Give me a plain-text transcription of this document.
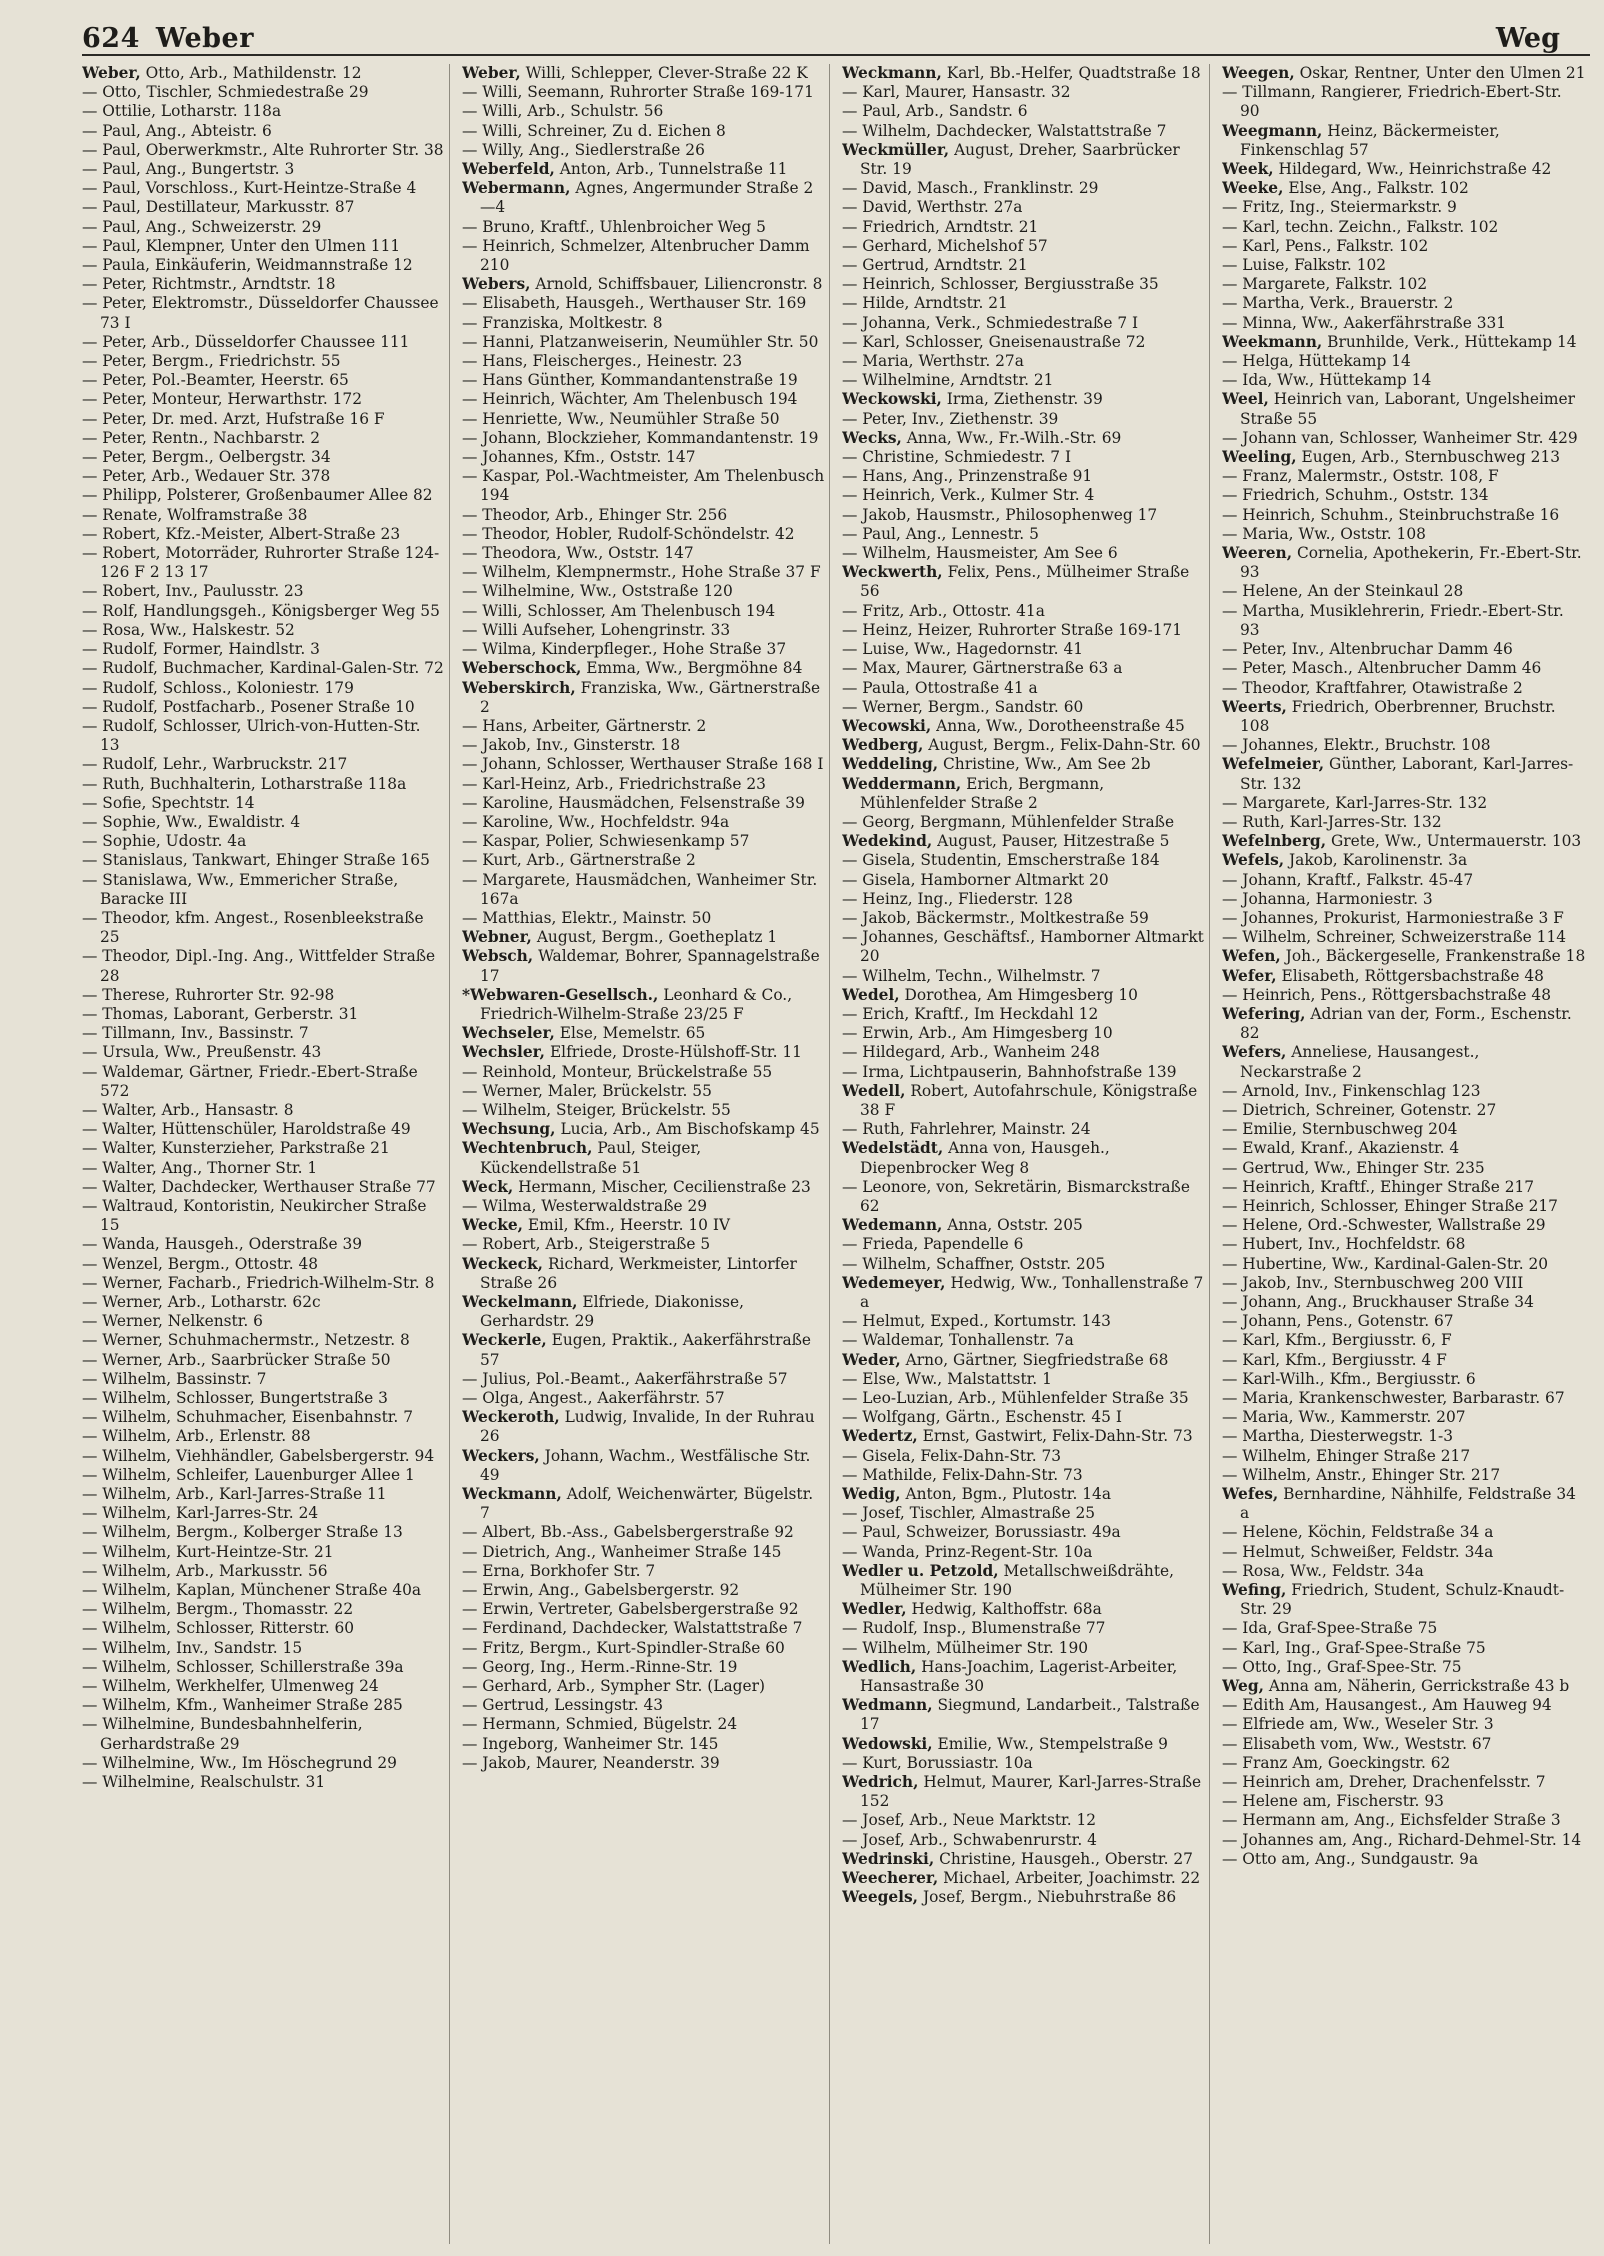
624 Weber	Weg
Weber, Otto, Arb., Mathildenstr. 12
— Otto, Tischler, Schmiedestraße 29
— Ottilie, Lotharstr. 118a
— Paul, Ang., Abteistr. 6
— Paul, Oberwerkmstr., Alte Ruhrorter Str. 38
— Paul, Ang., Bungertstr. 3
— Paul, Vorschloss., Kurt-Heintze-Straße 4
— Paul, Destillateur, Markusstr. 87
— Paul, Ang., Schweizerstr. 29
— Paul, Klempner, Unter den Ulmen 111
— Paula, Einkäuferin, Weidmannstraße 12
— Peter, Richtmstr., Arndtstr. 18
— Peter, Elektromstr., Düsseldorfer Chaussee 73 I
— Peter, Arb., Düsseldorfer Chaussee 111
— Peter, Bergm., Friedrichstr. 55
— Peter, Pol.-Beamter, Heerstr. 65
— Peter, Monteur, Herwarthstr. 172
— Peter, Dr. med. Arzt, Hufstraße 16 F
— Peter, Rentn., Nachbarstr. 2
— Peter, Bergm., Oelbergstr. 34
— Peter, Arb., Wedauer Str. 378
— Philipp, Polsterer, Großenbaumer Allee 82
— Renate, Wolframstraße 38
— Robert, Kfz.-Meister, Albert-Straße 23
— Robert, Motorräder, Ruhrorter Straße 124-126 F 2 13 17
— Robert, Inv., Paulusstr. 23
— Rolf, Handlungsgeh., Königsberger Weg 55
— Rosa, Ww., Halskestr. 52
— Rudolf, Former, Haindlstr. 3
— Rudolf, Buchmacher, Kardinal-Galen-Str. 72
— Rudolf, Schloss., Koloniestr. 179
— Rudolf, Postfacharb., Posener Straße 10
— Rudolf, Schlosser, Ulrich-von-Hutten-Str. 13
— Rudolf, Lehr., Warbruckstr. 217
— Ruth, Buchhalterin, Lotharstraße 118a
— Sofie, Spechtstr. 14
— Sophie, Ww., Ewaldistr. 4
— Sophie, Udostr. 4a
— Stanislaus, Tankwart, Ehinger Straße 165
— Stanislawa, Ww., Emmericher Straße, Baracke III
— Theodor, kfm. Angest., Rosenbleekstraße 25
— Theodor, Dipl.-Ing. Ang., Wittfelder Straße 28
— Therese, Ruhrorter Str. 92-98
— Thomas, Laborant, Gerberstr. 31
— Tillmann, Inv., Bassinstr. 7
— Ursula, Ww., Preußenstr. 43
— Waldemar, Gärtner, Friedr.-Ebert-Straße 572
— Walter, Arb., Hansastr. 8
— Walter, Hüttenschüler, Haroldstraße 49
— Walter, Kunsterzieher, Parkstraße 21
— Walter, Ang., Thorner Str. 1
— Walter, Dachdecker, Werthauser Straße 77
— Waltraud, Kontoristin, Neukircher Straße 15
— Wanda, Hausgeh., Oderstraße 39
— Wenzel, Bergm., Ottostr. 48
— Werner, Facharb., Friedrich-Wilhelm-Str. 8
— Werner, Arb., Lotharstr. 62c
— Werner, Nelkenstr. 6
— Werner, Schuhmachermstr., Netzestr. 8
— Werner, Arb., Saarbrücker Straße 50
— Wilhelm, Bassinstr. 7
— Wilhelm, Schlosser, Bungertstraße 3
— Wilhelm, Schuhmacher, Eisenbahnstr. 7
— Wilhelm, Arb., Erlenstr. 88
— Wilhelm, Viehhändler, Gabelsbergerstr. 94
— Wilhelm, Schleifer, Lauenburger Allee 1
— Wilhelm, Arb., Karl-Jarres-Straße 11
— Wilhelm, Karl-Jarres-Str. 24
— Wilhelm, Bergm., Kolberger Straße 13
— Wilhelm, Kurt-Heintze-Str. 21
— Wilhelm, Arb., Markusstr. 56
— Wilhelm, Kaplan, Münchener Straße 40a
— Wilhelm, Bergm., Thomasstr. 22
— Wilhelm, Schlosser, Ritterstr. 60
— Wilhelm, Inv., Sandstr. 15
— Wilhelm, Schlosser, Schillerstraße 39a
— Wilhelm, Werkhelfer, Ulmenweg 24
— Wilhelm, Kfm., Wanheimer Straße 285
— Wilhelmine, Bundesbahnhelferin, Gerhardstraße 29
— Wilhelmine, Ww., Im Höschegrund 29
— Wilhelmine, Realschulstr. 31
Weber, Willi, Schlepper, Clever-Straße 22 K
— Willi, Seemann, Ruhrorter Straße 169-171
— Willi, Arb., Schulstr. 56
— Willi, Schreiner, Zu d. Eichen 8
— Willy, Ang., Siedlerstraße 26
Weberfeld, Anton, Arb., Tunnelstraße 11
Webermann, Agnes, Angermunder Straße 2—4
— Bruno, Kraftf., Uhlenbroicher Weg 5
— Heinrich, Schmelzer, Altenbrucher Damm 210
Webers, Arnold, Schiffsbauer, Liliencronstr. 8
— Elisabeth, Hausgeh., Werthauser Str. 169
— Franziska, Moltkestr. 8
— Hanni, Platzanweiserin, Neumühler Str. 50
— Hans, Fleischerges., Heinestr. 23
— Hans Günther, Kommandantenstraße 19
— Heinrich, Wächter, Am Thelenbusch 194
— Henriette, Ww., Neumühler Straße 50
— Johann, Blockzieher, Kommandantenstr. 19
— Johannes, Kfm., Oststr. 147
— Kaspar, Pol.-Wachtmeister, Am Thelenbusch 194
— Theodor, Arb., Ehinger Str. 256
— Theodor, Hobler, Rudolf-Schöndelstr. 42
— Theodora, Ww., Oststr. 147
— Wilhelm, Klempnermstr., Hohe Straße 37 F
— Wilhelmine, Ww., Oststraße 120
— Willi, Schlosser, Am Thelenbusch 194
— Willi Aufseher, Lohengrinstr. 33
— Wilma, Kinderpfleger., Hohe Straße 37
Weberschock, Emma, Ww., Bergmöhne 84
Weberskirch, Franziska, Ww., Gärtnerstraße 2
— Hans, Arbeiter, Gärtnerstr. 2
— Jakob, Inv., Ginsterstr. 18
— Johann, Schlosser, Werthauser Straße 168 I
— Karl-Heinz, Arb., Friedrichstraße 23
— Karoline, Hausmädchen, Felsenstraße 39
— Karoline, Ww., Hochfeldstr. 94a
— Kaspar, Polier, Schwiesenkamp 57
— Kurt, Arb., Gärtnerstraße 2
— Margarete, Hausmädchen, Wanheimer Str. 167a
— Matthias, Elektr., Mainstr. 50
Webner, August, Bergm., Goetheplatz 1
Websch, Waldemar, Bohrer, Spannagelstraße 17
*Webwaren-Gesellsch., Leonhard & Co., Friedrich-Wilhelm-Straße 23/25 F
Wechseler, Else, Memelstr. 65
Wechsler, Elfriede, Droste-Hülshoff-Str. 11
— Reinhold, Monteur, Brückelstraße 55
— Werner, Maler, Brückelstr. 55
— Wilhelm, Steiger, Brückelstr. 55
Wechsung, Lucia, Arb., Am Bischofskamp 45
Wechtenbruch, Paul, Steiger, Kückendellstraße 51
Weck, Hermann, Mischer, Cecilienstraße 23
— Wilma, Westerwaldstraße 29
Wecke, Emil, Kfm., Heerstr. 10 IV
— Robert, Arb., Steigerstraße 5
Weckeck, Richard, Werkmeister, Lintorfer Straße 26
Weckelmann, Elfriede, Diakonisse, Gerhardstr. 29
Weckerle, Eugen, Praktik., Aakerfährstraße 57
— Julius, Pol.-Beamt., Aakerfährstraße 57
— Olga, Angest., Aakerfährstr. 57
Weckeroth, Ludwig, Invalide, In der Ruhrau 26
Weckers, Johann, Wachm., Westfälische Str. 49
Weckmann, Adolf, Weichenwärter, Bügelstr. 7
— Albert, Bb.-Ass., Gabelsbergerstraße 92
— Dietrich, Ang., Wanheimer Straße 145
— Erna, Borkhofer Str. 7
— Erwin, Ang., Gabelsbergerstr. 92
— Erwin, Vertreter, Gabelsbergerstraße 92
— Ferdinand, Dachdecker, Walstattstraße 7
— Fritz, Bergm., Kurt-Spindler-Straße 60
— Georg, Ing., Herm.-Rinne-Str. 19
— Gerhard, Arb., Sympher Str. (Lager)
— Gertrud, Lessingstr. 43
— Hermann, Schmied, Bügelstr. 24
— Ingeborg, Wanheimer Str. 145
— Jakob, Maurer, Neanderstr. 39
Weckmann, Karl, Bb.-Helfer, Quadtstraße 18
— Karl, Maurer, Hansastr. 32
— Paul, Arb., Sandstr. 6
— Wilhelm, Dachdecker, Walstattstraße 7
Weckmüller, August, Dreher, Saarbrücker Str. 19
— David, Masch., Franklinstr. 29
— David, Werthstr. 27a
— Friedrich, Arndtstr. 21
— Gerhard, Michelshof 57
— Gertrud, Arndtstr. 21
— Heinrich, Schlosser, Bergiusstraße 35
— Hilde, Arndtstr. 21
— Johanna, Verk., Schmiedestraße 7 I
— Karl, Schlosser, Gneisenaustraße 72
— Maria, Werthstr. 27a
— Wilhelmine, Arndtstr. 21
Weckowski, Irma, Ziethenstr. 39
— Peter, Inv., Ziethenstr. 39
Wecks, Anna, Ww., Fr.-Wilh.-Str. 69
— Christine, Schmiedestr. 7 I
— Hans, Ang., Prinzenstraße 91
— Heinrich, Verk., Kulmer Str. 4
— Jakob, Hausmstr., Philosophenweg 17
— Paul, Ang., Lennestr. 5
— Wilhelm, Hausmeister, Am See 6
Weckwerth, Felix, Pens., Mülheimer Straße 56
— Fritz, Arb., Ottostr. 41a
— Heinz, Heizer, Ruhrorter Straße 169-171
— Luise, Ww., Hagedornstr. 41
— Max, Maurer, Gärtnerstraße 63 a
— Paula, Ottostraße 41 a
— Werner, Bergm., Sandstr. 60
Wecowski, Anna, Ww., Dorotheenstraße 45
Wedberg, August, Bergm., Felix-Dahn-Str. 60
Weddeling, Christine, Ww., Am See 2b
Weddermann, Erich, Bergmann, Mühlenfelder Straße 2
— Georg, Bergmann, Mühlenfelder Straße
Wedekind, August, Pauser, Hitzestraße 5
— Gisela, Studentin, Emscherstraße 184
— Gisela, Hamborner Altmarkt 20
— Heinz, Ing., Fliederstr. 128
— Jakob, Bäckermstr., Moltkestraße 59
— Johannes, Geschäftsf., Hamborner Altmarkt 20
— Wilhelm, Techn., Wilhelmstr. 7
Wedel, Dorothea, Am Himgesberg 10
— Erich, Kraftf., Im Heckdahl 12
— Erwin, Arb., Am Himgesberg 10
— Hildegard, Arb., Wanheim 248
— Irma, Lichtpauserin, Bahnhofstraße 139
Wedell, Robert, Autofahrschule, Königstraße 38 F
— Ruth, Fahrlehrer, Mainstr. 24
Wedelstädt, Anna von, Hausgeh., Diepenbrocker Weg 8
— Leonore, von, Sekretärin, Bismarckstraße 62
Wedemann, Anna, Oststr. 205
— Frieda, Papendelle 6
— Wilhelm, Schaffner, Oststr. 205
Wedemeyer, Hedwig, Ww., Tonhallenstraße 7 a
— Helmut, Exped., Kortumstr. 143
— Waldemar, Tonhallenstr. 7a
Weder, Arno, Gärtner, Siegfriedstraße 68
— Else, Ww., Malstattstr. 1
— Leo-Luzian, Arb., Mühlenfelder Straße 35
— Wolfgang, Gärtn., Eschenstr. 45 I
Wedertz, Ernst, Gastwirt, Felix-Dahn-Str. 73
— Gisela, Felix-Dahn-Str. 73
— Mathilde, Felix-Dahn-Str. 73
Wedig, Anton, Bgm., Plutostr. 14a
— Josef, Tischler, Almastraße 25
— Paul, Schweizer, Borussiastr. 49a
— Wanda, Prinz-Regent-Str. 10a
Wedler u. Petzold, Metallschweißdrähte, Mülheimer Str. 190
Wedler, Hedwig, Kalthoffstr. 68a
— Rudolf, Insp., Blumenstraße 77
— Wilhelm, Mülheimer Str. 190
Wedlich, Hans-Joachim, Lagerist-Arbeiter, Hansastraße 30
Wedmann, Siegmund, Landarbeit., Talstraße 17
Wedowski, Emilie, Ww., Stempelstraße 9
— Kurt, Borussiastr. 10a
Wedrich, Helmut, Maurer, Karl-Jarres-Straße 152
— Josef, Arb., Neue Marktstr. 12
— Josef, Arb., Schwabenrurstr. 4
Wedrinski, Christine, Hausgeh., Oberstr. 27
Weecherer, Michael, Arbeiter, Joachimstr. 22
Weegels, Josef, Bergm., Niebuhrstraße 86
Weegen, Oskar, Rentner, Unter den Ulmen 21
— Tillmann, Rangierer, Friedrich-Ebert-Str. 90
Weegmann, Heinz, Bäckermeister, Finkenschlag 57
Week, Hildegard, Ww., Heinrichstraße 42
Weeke, Else, Ang., Falkstr. 102
— Fritz, Ing., Steiermarkstr. 9
— Karl, techn. Zeichn., Falkstr. 102
— Karl, Pens., Falkstr. 102
— Luise, Falkstr. 102
— Margarete, Falkstr. 102
— Martha, Verk., Brauerstr. 2
— Minna, Ww., Aakerfährstraße 331
Weekmann, Brunhilde, Verk., Hüttekamp 14
— Helga, Hüttekamp 14
— Ida, Ww., Hüttekamp 14
Weel, Heinrich van, Laborant, Ungelsheimer Straße 55
— Johann van, Schlosser, Wanheimer Str. 429
Weeling, Eugen, Arb., Sternbuschweg 213
— Franz, Malermstr., Oststr. 108, F
— Friedrich, Schuhm., Oststr. 134
— Heinrich, Schuhm., Steinbruchstraße 16
— Maria, Ww., Oststr. 108
Weeren, Cornelia, Apothekerin, Fr.-Ebert-Str. 93
— Helene, An der Steinkaul 28
— Martha, Musiklehrerin, Friedr.-Ebert-Str. 93
— Peter, Inv., Altenbruchar Damm 46
— Peter, Masch., Altenbrucher Damm 46
— Theodor, Kraftfahrer, Otawistraße 2
Weerts, Friedrich, Oberbrenner, Bruchstr. 108
— Johannes, Elektr., Bruchstr. 108
Wefelmeier, Günther, Laborant, Karl-Jarres-Str. 132
— Margarete, Karl-Jarres-Str. 132
— Ruth, Karl-Jarres-Str. 132
Wefelnberg, Grete, Ww., Untermauerstr. 103
Wefels, Jakob, Karolinenstr. 3a
— Johann, Kraftf., Falkstr. 45-47
— Johanna, Harmoniestr. 3
— Johannes, Prokurist, Harmoniestraße 3 F
— Wilhelm, Schreiner, Schweizerstraße 114
Wefen, Joh., Bäckergeselle, Frankenstraße 18
Wefer, Elisabeth, Röttgersbachstraße 48
— Heinrich, Pens., Röttgersbachstraße 48
Wefering, Adrian van der, Form., Eschenstr. 82
Wefers, Anneliese, Hausangest., Neckarstraße 2
— Arnold, Inv., Finkenschlag 123
— Dietrich, Schreiner, Gotenstr. 27
— Emilie, Sternbuschweg 204
— Ewald, Kranf., Akazienstr. 4
— Gertrud, Ww., Ehinger Str. 235
— Heinrich, Kraftf., Ehinger Straße 217
— Heinrich, Schlosser, Ehinger Straße 217
— Helene, Ord.-Schwester, Wallstraße 29
— Hubert, Inv., Hochfeldstr. 68
— Hubertine, Ww., Kardinal-Galen-Str. 20
— Jakob, Inv., Sternbuschweg 200 VIII
— Johann, Ang., Bruckhauser Straße 34
— Johann, Pens., Gotenstr. 67
— Karl, Kfm., Bergiusstr. 6, F
— Karl, Kfm., Bergiusstr. 4 F
— Karl-Wilh., Kfm., Bergiusstr. 6
— Maria, Krankenschwester, Barbarastr. 67
— Maria, Ww., Kammerstr. 207
— Martha, Diesterwegstr. 1-3
— Wilhelm, Ehinger Straße 217
— Wilhelm, Anstr., Ehinger Str. 217
Wefes, Bernhardine, Nähhilfe, Feldstraße 34 a
— Helene, Köchin, Feldstraße 34 a
— Helmut, Schweißer, Feldstr. 34a
— Rosa, Ww., Feldstr. 34a
Wefing, Friedrich, Student, Schulz-Knaudt-Str. 29
— Ida, Graf-Spee-Straße 75
— Karl, Ing., Graf-Spee-Straße 75
— Otto, Ing., Graf-Spee-Str. 75
Weg, Anna am, Näherin, Gerrickstraße 43 b
— Edith Am, Hausangest., Am Hauweg 94
— Elfriede am, Ww., Weseler Str. 3
— Elisabeth vom, Ww., Weststr. 67
— Franz Am, Goeckingstr. 62
— Heinrich am, Dreher, Drachenfelsstr. 7
— Helene am, Fischerstr. 93
— Hermann am, Ang., Eichsfelder Straße 3
— Johannes am, Ang., Richard-Dehmel-Str. 14
— Otto am, Ang., Sundgaustr. 9a
